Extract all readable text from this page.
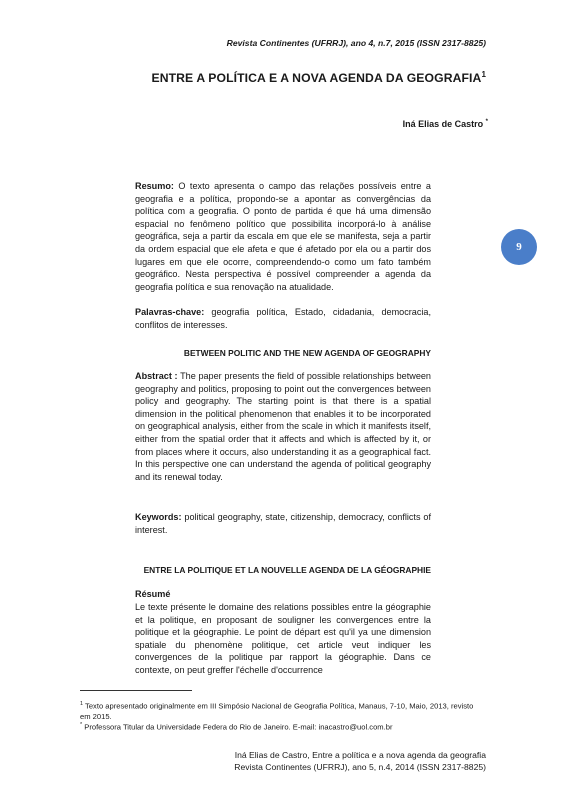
Revista Continentes (UFRRJ), ano 4, n.7, 2015 (ISSN 2317-8825)
ENTRE A POLÍTICA E A NOVA AGENDA DA GEOGRAFIA$^1$
Iná Elias de Castro *
9
Resumo: O texto apresenta o campo das relações possíveis entre a geografia e a política, propondo-se a apontar as convergências da política com a geografia. O ponto de partida é que há uma dimensão espacial no fenômeno político que possibilita incorporá-lo à análise geográfica, seja a partir da escala em que ele se manifesta, seja a partir da ordem espacial que ele afeta e que é afetado por ela ou a partir dos lugares em que ele ocorre, compreendendo-o como um fato também geográfico. Nesta perspectiva é possível compreender a agenda da geografia política e sua renovação na atualidade.
Palavras-chave: geografia política, Estado, cidadania, democracia, conflitos de interesses.
BETWEEN POLITIC AND THE NEW AGENDA OF GEOGRAPHY
Abstract : The paper presents the field of possible relationships between geography and politics, proposing to point out the convergences between policy and geography. The starting point is that there is a spatial dimension in the political phenomenon that enables it to be incorporated on geographical analysis, either from the scale in which it manifests itself, either from the spatial order that it affects and which is affected by it, or from places where it occurs, also understanding it as a geographical fact. In this perspective one can understand the agenda of political geography and its renewal today.
Keywords: political geography, state, citizenship, democracy, conflicts of interest.
ENTRE LA POLITIQUE ET LA NOUVELLE AGENDA DE LA GÉOGRAPHIE
Résumé
Le texte présente le domaine des relations possibles entre la géographie et la politique, en proposant de souligner les convergences entre la politique et la géographie. Le point de départ est qu'il ya une dimension spatiale du phenomène politique, cet article veut indiquer les convergences de la politique par rapport la géographie. Dans ce contexte, on peut greffer l'échelle d'occurrence
$^1$ Texto apresentado originalmente em III Simpósio Nacional de Geografia Política, Manaus, 7-10, Maio, 2013, revisto em 2015.
* Professora Titular da Universidade Federa do Rio de Janeiro. E-mail: inacastro@uol.com.br
Iná Elias de Castro, Entre a política e a nova agenda da geografia
Revista Continentes (UFRRJ), ano 5, n.4, 2014 (ISSN 2317-8825)
